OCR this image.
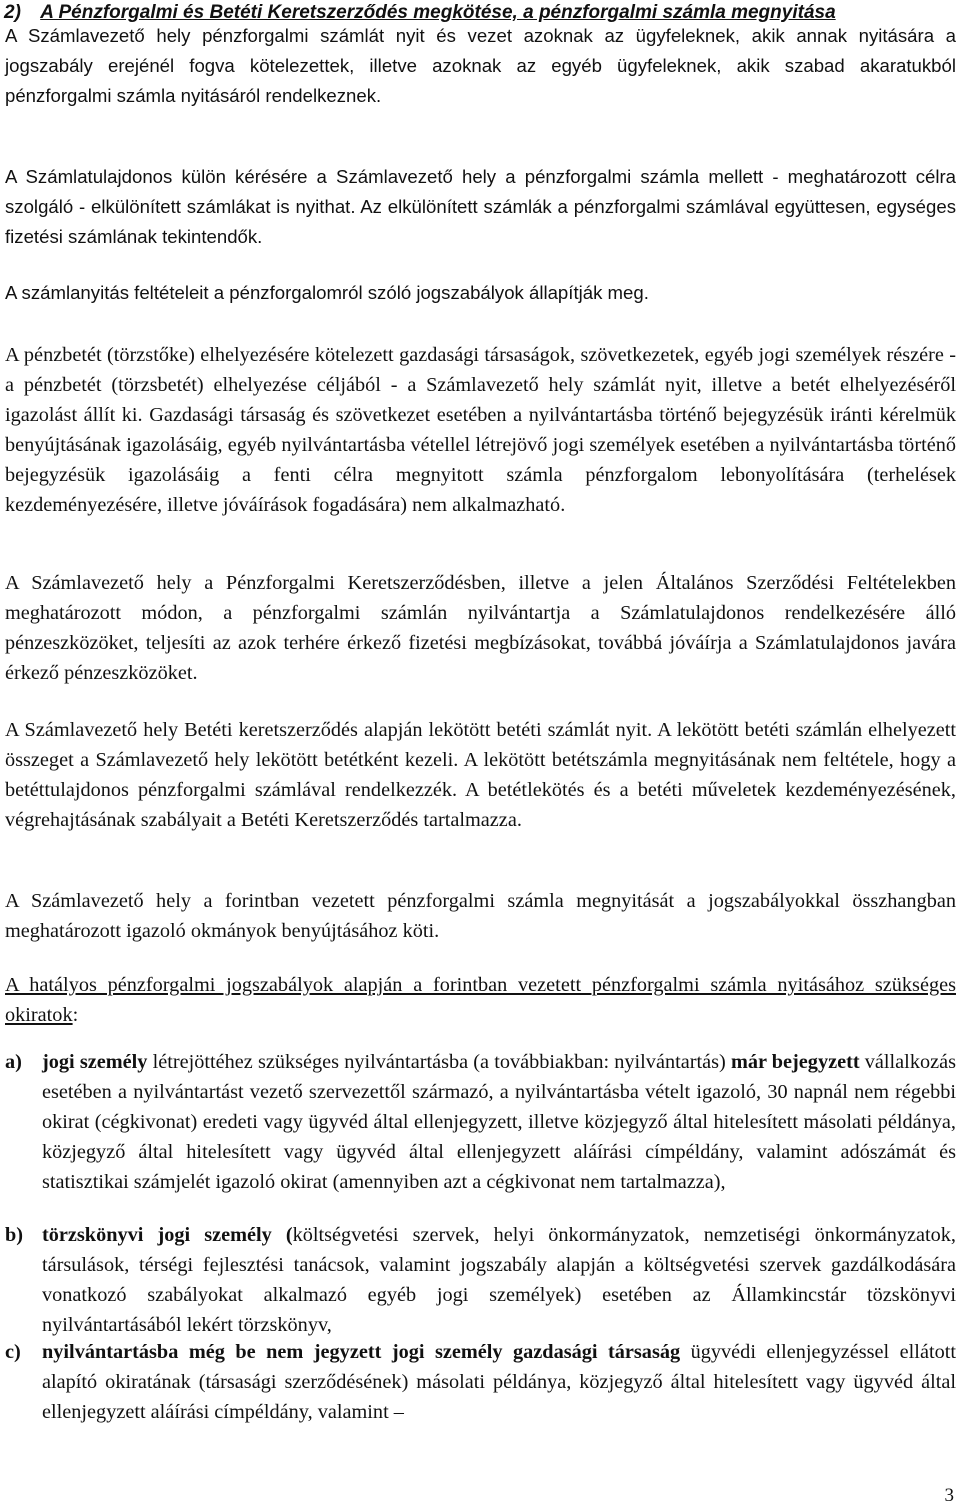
2) A Pénzforgalmi és Betéti Keretszerződés megkötése, a pénzforgalmi számla megnyitása
A Számlavezető hely pénzforgalmi számlát nyit és vezet azoknak az ügyfeleknek, akik annak nyitására a jogszabály erejénél fogva kötelezettek, illetve azoknak az egyéb ügyfeleknek, akik szabad akaratukból pénzforgalmi számla nyitásáról rendelkeznek.
A Számlatulajdonos külön kérésére a Számlavezető hely a pénzforgalmi számla mellett - meghatározott célra szolgáló - elkülönített számlákat is nyithat. Az elkülönített számlák a pénzforgalmi számlával együttesen, egységes fizetési számlának tekintendők.
A számlanyitás feltételeit a pénzforgalomról szóló jogszabályok állapítják meg.
A pénzbetét (törzstőke) elhelyezésére kötelezett gazdasági társaságok, szövetkezetek, egyéb jogi személyek részére - a pénzbetét (törzsbetét) elhelyezése céljából - a Számlavezető hely számlát nyit, illetve a betét elhelyezéséről igazolást állít ki. Gazdasági társaság és szövetkezet esetében a nyilvántartásba történő bejegyzésük iránti kérelmük benyújtásának igazolásáig, egyéb nyilvántartásba vétellel létrejövő jogi személyek esetében a nyilvántartásba történő bejegyzésük igazolásáig a fenti célra megnyitott számla pénzforgalom lebonyolítására (terhelések kezdeményezésére, illetve jóváírások fogadására) nem alkalmazható.
A Számlavezető hely a Pénzforgalmi Keretszerződésben, illetve a jelen Általános Szerződési Feltételekben meghatározott módon, a pénzforgalmi számlán nyilvántartja a Számlatulajdonos rendelkezésére álló pénzeszközöket, teljesíti az azok terhére érkező fizetési megbízásokat, továbbá jóváírja a Számlatulajdonos javára érkező pénzeszközöket.
A Számlavezető hely Betéti keretszerződés alapján lekötött betéti számlát nyit. A lekötött betéti számlán elhelyezett összeget a Számlavezető hely lekötött betétként kezeli. A lekötött betétszámla megnyitásának nem feltétele, hogy a betéttulajdonos pénzforgalmi számlával rendelkezzék. A betétlekötés és a betéti műveletek kezdeményezésének, végrehajtásának szabályait a Betéti Keretszerződés tartalmazza.
A Számlavezető hely a forintban vezetett pénzforgalmi számla megnyitását a jogszabályokkal összhangban meghatározott igazoló okmányok benyújtásához köti.
A hatályos pénzforgalmi jogszabályok alapján a forintban vezetett pénzforgalmi számla nyitásához szükséges okiratok:
a) jogi személy létrejöttéhez szükséges nyilvántartásba (a továbbiakban: nyilvántartás) már bejegyzett vállalkozás esetében a nyilvántartást vezető szervezettől származó, a nyilvántartásba vételt igazoló, 30 napnál nem régebbi okirat (cégkivonat) eredeti vagy ügyvéd által ellenjegyzett, illetve közjegyző által hitelesített másolati példánya, közjegyző által hitelesített vagy ügyvéd által ellenjegyzett aláírási címpéldány, valamint adószámát és statisztikai számjelét igazoló okirat (amennyiben azt a cégkivonat nem tartalmazza),
b) törzskönyvi jogi személy (költségvetési szervek, helyi önkormányzatok, nemzetiségi önkormányzatok, társulások, térségi fejlesztési tanácsok, valamint jogszabály alapján a költségvetési szervek gazdálkodására vonatkozó szabályokat alkalmazó egyéb jogi személyek) esetében az Államkincstár tözskönyvi nyilvántartásából lekért törzskönyv,
c) nyilvántartásba még be nem jegyzett jogi személy gazdasági társaság ügyvédi ellenjegyzéssel ellátott alapító okiratának (társasági szerződésének) másolati példánya, közjegyző által hitelesített vagy ügyvéd által ellenjegyzett aláírási címpéldány, valamint –
3
